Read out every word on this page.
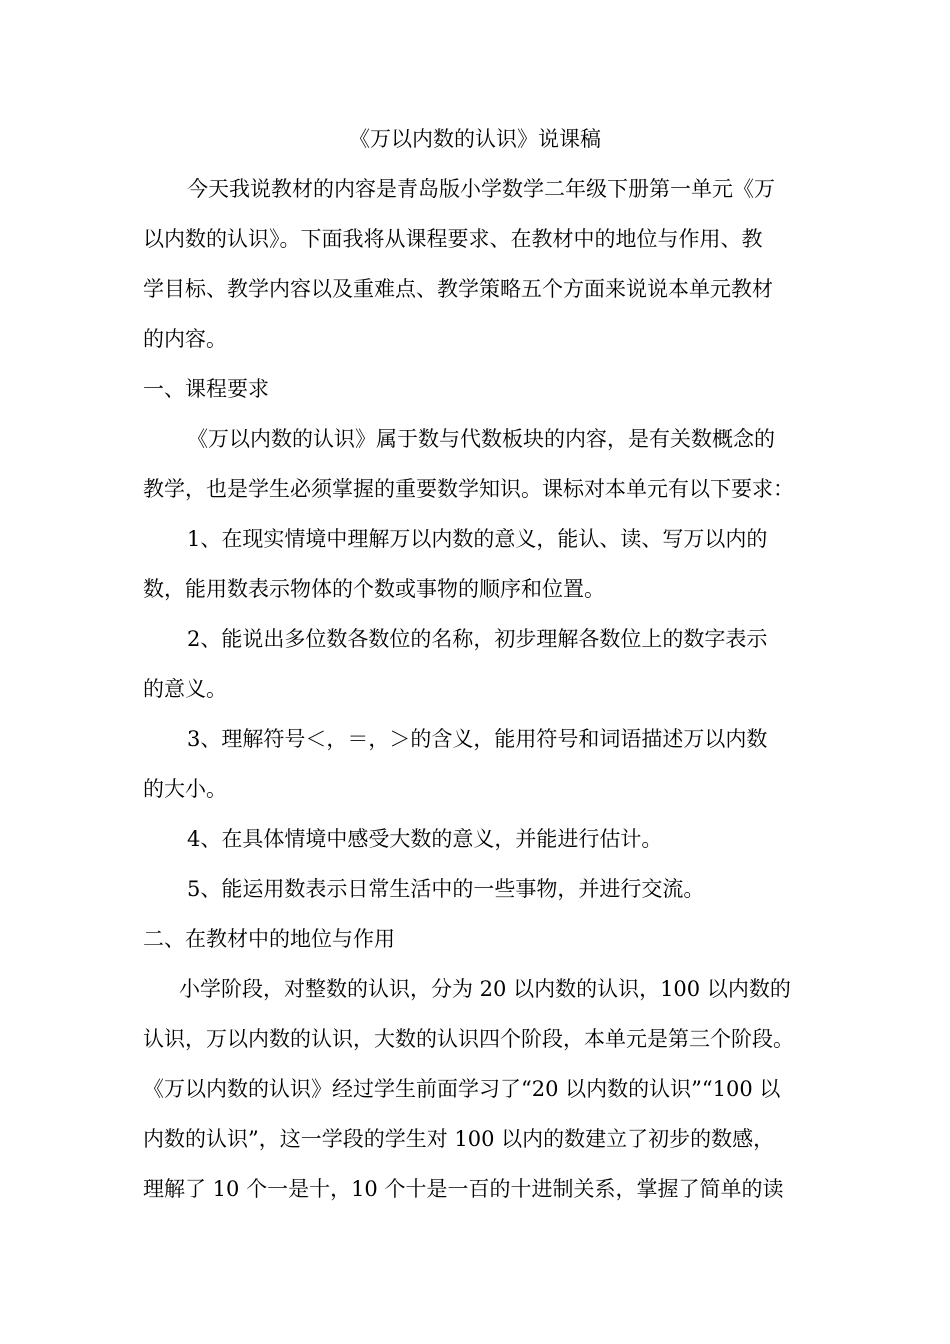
《万以内数的认识》说课稿
今天我说教材的内容是青岛版小学数学二年级下册第一单元《万
以内数的认识》。下面我将从课程要求、在教材中的地位与作用、教
学目标、教学内容以及重难点、教学策略五个方面来说说本单元教材
的内容。
一、课程要求
《万以内数的认识》属于数与代数板块的内容，是有关数概念的
教学，也是学生必须掌握的重要数学知识。课标对本单元有以下要求：
1、在现实情境中理解万以内数的意义，能认、读、写万以内的
数，能用数表示物体的个数或事物的顺序和位置。
2、能说出多位数各数位的名称，初步理解各数位上的数字表示
的意义。
3、理解符号＜，＝，＞的含义，能用符号和词语描述万以内数
的大小。
4、在具体情境中感受大数的意义，并能进行估计。
5、能运用数表示日常生活中的一些事物，并进行交流。
二、在教材中的地位与作用
小学阶段，对整数的认识，分为 20 以内数的认识，100 以内数的
认识，万以内数的认识，大数的认识四个阶段，本单元是第三个阶段。
《万以内数的认识》经过学生前面学习了“20 以内数的认识”“100 以
内数的认识”，这一学段的学生对 100 以内的数建立了初步的数感，
理解了 10 个一是十，10 个十是一百的十进制关系，掌握了简单的读
